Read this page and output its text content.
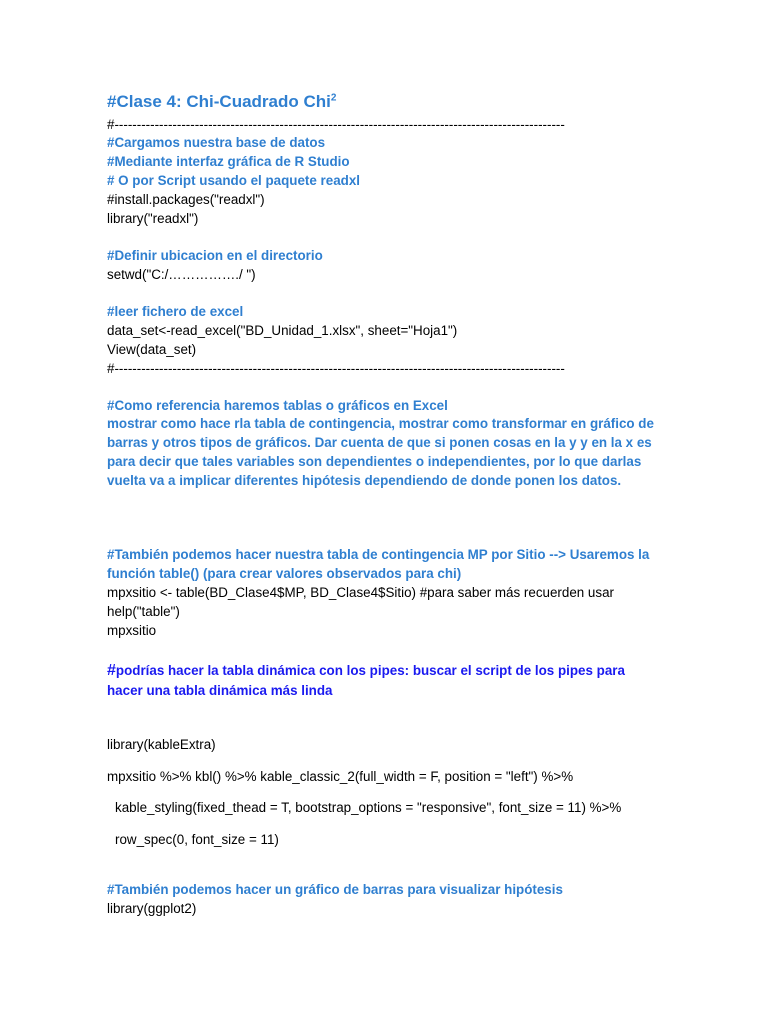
#Clase 4: Chi-Cuadrado Chi$^2$
#-----------------------------------------------------------------------------------------------------
#Cargamos nuestra base de datos
#Mediante interfaz gráfica de R Studio
# O por Script usando el paquete readxl
#install.packages("readxl")
library("readxl")
#Definir ubicacion en el directorio
setwd("C:/……………./ ")
#leer fichero de excel
data_set<-read_excel("BD_Unidad_1.xlsx", sheet="Hoja1")
View(data_set)
#-----------------------------------------------------------------------------------------------------
#Como referencia haremos tablas o gráficos en Excel
mostrar como hace rla tabla de contingencia, mostrar como transformar en gráfico de barras y otros tipos de gráficos. Dar cuenta de que si ponen cosas en la y y en la x es para decir que tales variables son dependientes o independientes, por lo que darlas vuelta va a implicar diferentes hipótesis dependiendo de donde ponen los datos.
#También podemos hacer nuestra tabla de contingencia MP por Sitio --> Usaremos la función table() (para crear valores observados para chi)
mpxsitio <- table(BD_Clase4$MP, BD_Clase4$Sitio) #para saber más recuerden usar help("table")
mpxsitio
#podrías hacer la tabla dinámica con los pipes: buscar el script de los pipes para hacer una tabla dinámica más linda
library(kableExtra)
mpxsitio %>% kbl() %>% kable_classic_2(full_width = F, position = "left") %>%
kable_styling(fixed_thead = T, bootstrap_options = "responsive", font_size = 11) %>%
row_spec(0, font_size = 11)
#También podemos hacer un gráfico de barras para visualizar hipótesis
library(ggplot2)
